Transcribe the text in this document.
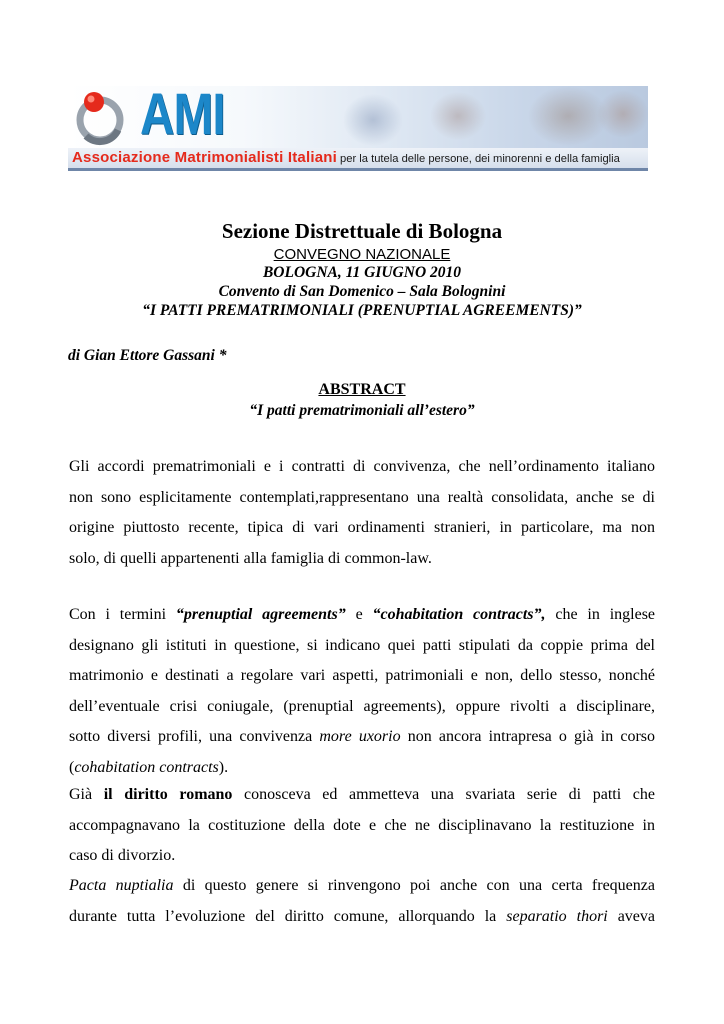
AMI
Associazione Matrimonialisti Italiani per la tutela delle persone, dei minorenni e della famiglia
Sezione Distrettuale di Bologna
CONVEGNO NAZIONALE
BOLOGNA, 11 GIUGNO 2010
Convento di San Domenico – Sala Bolognini
“I PATTI PREMATRIMONIALI (PRENUPTIAL AGREEMENTS)”
di Gian Ettore Gassani *
ABSTRACT
“I patti prematrimoniali all’estero”
Gli accordi prematrimoniali e i contratti di convivenza, che nell’ordinamento italiano
non sono esplicitamente contemplati,rappresentano una realtà consolidata, anche se di
origine piuttosto recente, tipica di vari ordinamenti stranieri, in particolare, ma non
solo, di quelli appartenenti alla famiglia di common-law.
Con i termini “prenuptial agreements” e “cohabitation contracts”, che in inglese
designano gli istituti in questione, si indicano quei patti stipulati da coppie prima del
matrimonio e destinati a regolare vari aspetti, patrimoniali e non, dello stesso, nonché
dell’eventuale crisi coniugale, (prenuptial agreements), oppure rivolti a disciplinare,
sotto diversi profili, una convivenza more uxorio non ancora intrapresa o già in corso
(cohabitation contracts).
Già il diritto romano conosceva ed ammetteva una svariata serie di patti che
accompagnavano la costituzione della dote e che ne disciplinavano la restituzione in
caso di divorzio.
Pacta nuptialia di questo genere si rinvengono poi anche con una certa frequenza
durante tutta l’evoluzione del diritto comune, allorquando la separatio thori aveva
